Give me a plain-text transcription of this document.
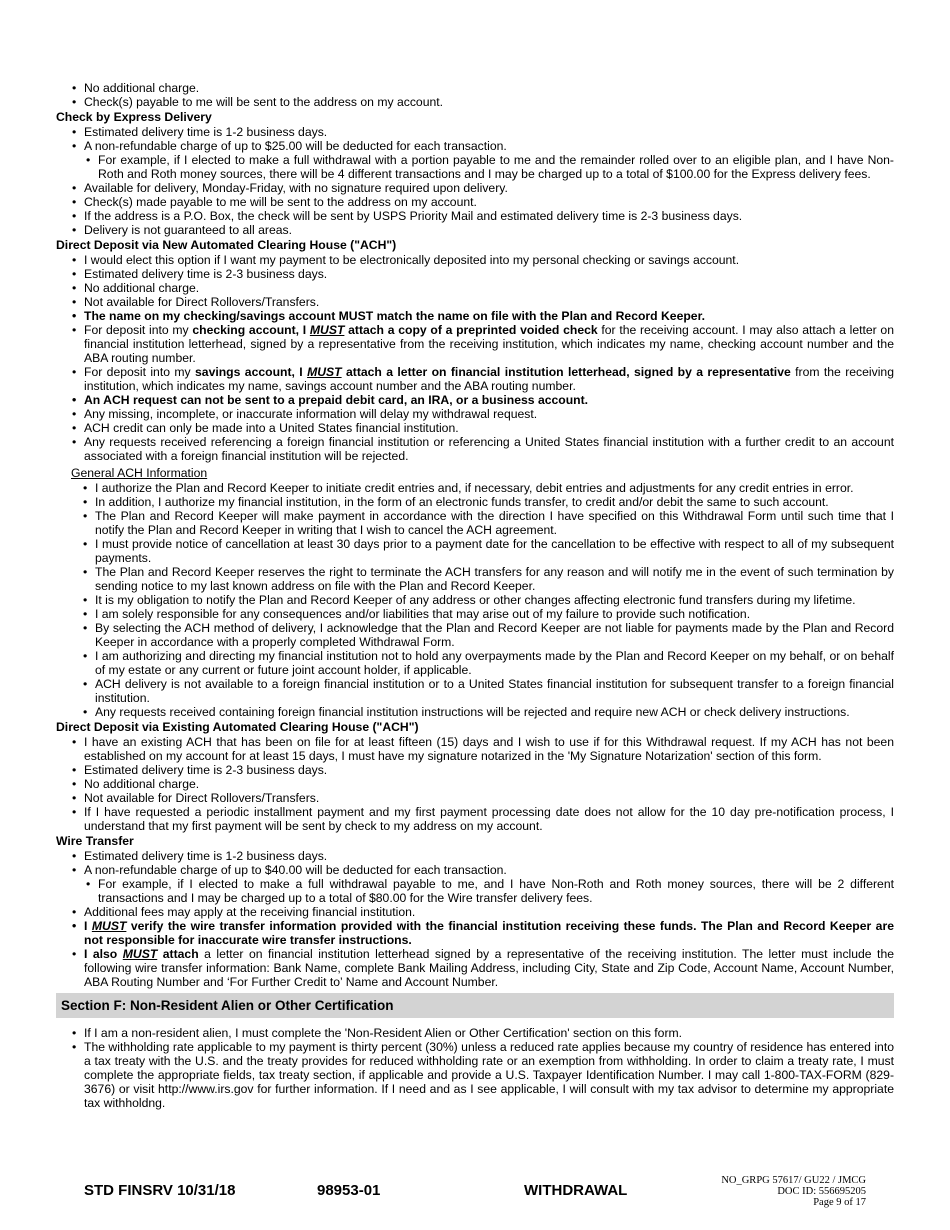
• No additional charge.
• Check(s) payable to me will be sent to the address on my account.
Check by Express Delivery
• Estimated delivery time is 1-2 business days.
• A non-refundable charge of up to $25.00 will be deducted for each transaction.
• For example, if I elected to make a full withdrawal with a portion payable to me and the remainder rolled over to an eligible plan, and I have Non-Roth and Roth money sources, there will be 4 different transactions and I may be charged up to a total of $100.00 for the Express delivery fees.
• Available for delivery, Monday-Friday, with no signature required upon delivery.
• Check(s) made payable to me will be sent to the address on my account.
• If the address is a P.O. Box, the check will be sent by USPS Priority Mail and estimated delivery time is 2-3 business days.
• Delivery is not guaranteed to all areas.
Direct Deposit via New Automated Clearing House ("ACH")
• I would elect this option if I want my payment to be electronically deposited into my personal checking or savings account.
• Estimated delivery time is 2-3 business days.
• No additional charge.
• Not available for Direct Rollovers/Transfers.
• The name on my checking/savings account MUST match the name on file with the Plan and Record Keeper.
• For deposit into my checking account, I MUST attach a copy of a preprinted voided check for the receiving account. I may also attach a letter on financial institution letterhead, signed by a representative from the receiving institution, which indicates my name, checking account number and the ABA routing number.
• For deposit into my savings account, I MUST attach a letter on financial institution letterhead, signed by a representative from the receiving institution, which indicates my name, savings account number and the ABA routing number.
• An ACH request can not be sent to a prepaid debit card, an IRA, or a business account.
• Any missing, incomplete, or inaccurate information will delay my withdrawal request.
• ACH credit can only be made into a United States financial institution.
• Any requests received referencing a foreign financial institution or referencing a United States financial institution with a further credit to an account associated with a foreign financial institution will be rejected.
General ACH Information
• I authorize the Plan and Record Keeper to initiate credit entries and, if necessary, debit entries and adjustments for any credit entries in error.
• In addition, I authorize my financial institution, in the form of an electronic funds transfer, to credit and/or debit the same to such account.
• The Plan and Record Keeper will make payment in accordance with the direction I have specified on this Withdrawal Form until such time that I notify the Plan and Record Keeper in writing that I wish to cancel the ACH agreement.
• I must provide notice of cancellation at least 30 days prior to a payment date for the cancellation to be effective with respect to all of my subsequent payments.
• The Plan and Record Keeper reserves the right to terminate the ACH transfers for any reason and will notify me in the event of such termination by sending notice to my last known address on file with the Plan and Record Keeper.
• It is my obligation to notify the Plan and Record Keeper of any address or other changes affecting electronic fund transfers during my lifetime.
• I am solely responsible for any consequences and/or liabilities that may arise out of my failure to provide such notification.
• By selecting the ACH method of delivery, I acknowledge that the Plan and Record Keeper are not liable for payments made by the Plan and Record Keeper in accordance with a properly completed Withdrawal Form.
• I am authorizing and directing my financial institution not to hold any overpayments made by the Plan and Record Keeper on my behalf, or on behalf of my estate or any current or future joint account holder, if applicable.
• ACH delivery is not available to a foreign financial institution or to a United States financial institution for subsequent transfer to a foreign financial institution.
• Any requests received containing foreign financial institution instructions will be rejected and require new ACH or check delivery instructions.
Direct Deposit via Existing Automated Clearing House ("ACH")
• I have an existing ACH that has been on file for at least fifteen (15) days and I wish to use if for this Withdrawal request. If my ACH has not been established on my account for at least 15 days, I must have my signature notarized in the 'My Signature Notarization' section of this form.
• Estimated delivery time is 2-3 business days.
• No additional charge.
• Not available for Direct Rollovers/Transfers.
• If I have requested a periodic installment payment and my first payment processing date does not allow for the 10 day pre-notification process, I understand that my first payment will be sent by check to my address on my account.
Wire Transfer
• Estimated delivery time is 1-2 business days.
• A non-refundable charge of up to $40.00 will be deducted for each transaction.
• For example, if I elected to make a full withdrawal payable to me, and I have Non-Roth and Roth money sources, there will be 2 different transactions and I may be charged up to a total of $80.00 for the Wire transfer delivery fees.
• Additional fees may apply at the receiving financial institution.
• I MUST verify the wire transfer information provided with the financial institution receiving these funds. The Plan and Record Keeper are not responsible for inaccurate wire transfer instructions.
• I also MUST attach a letter on financial institution letterhead signed by a representative of the receiving institution. The letter must include the following wire transfer information: Bank Name, complete Bank Mailing Address, including City, State and Zip Code, Account Name, Account Number, ABA Routing Number and ‘For Further Credit to’ Name and Account Number.
Section F: Non-Resident Alien or Other Certification
• If I am a non-resident alien, I must complete the 'Non-Resident Alien or Other Certification' section on this form.
• The withholding rate applicable to my payment is thirty percent (30%) unless a reduced rate applies because my country of residence has entered into a tax treaty with the U.S. and the treaty provides for reduced withholding rate or an exemption from withholding. In order to claim a treaty rate, I must complete the appropriate fields, tax treaty section, if applicable and provide a U.S. Taxpayer Identification Number. I may call 1-800-TAX-FORM (829-3676) or visit http://www.irs.gov for further information. If I need and as I see applicable, I will consult with my tax advisor to determine my appropriate tax withholdng.
STD FINSRV 10/31/18	98953-01	WITHDRAWAL
NO_GRPG 57617/ GU22 / JMCG
DOC ID: 556695205
Page 9 of 17
